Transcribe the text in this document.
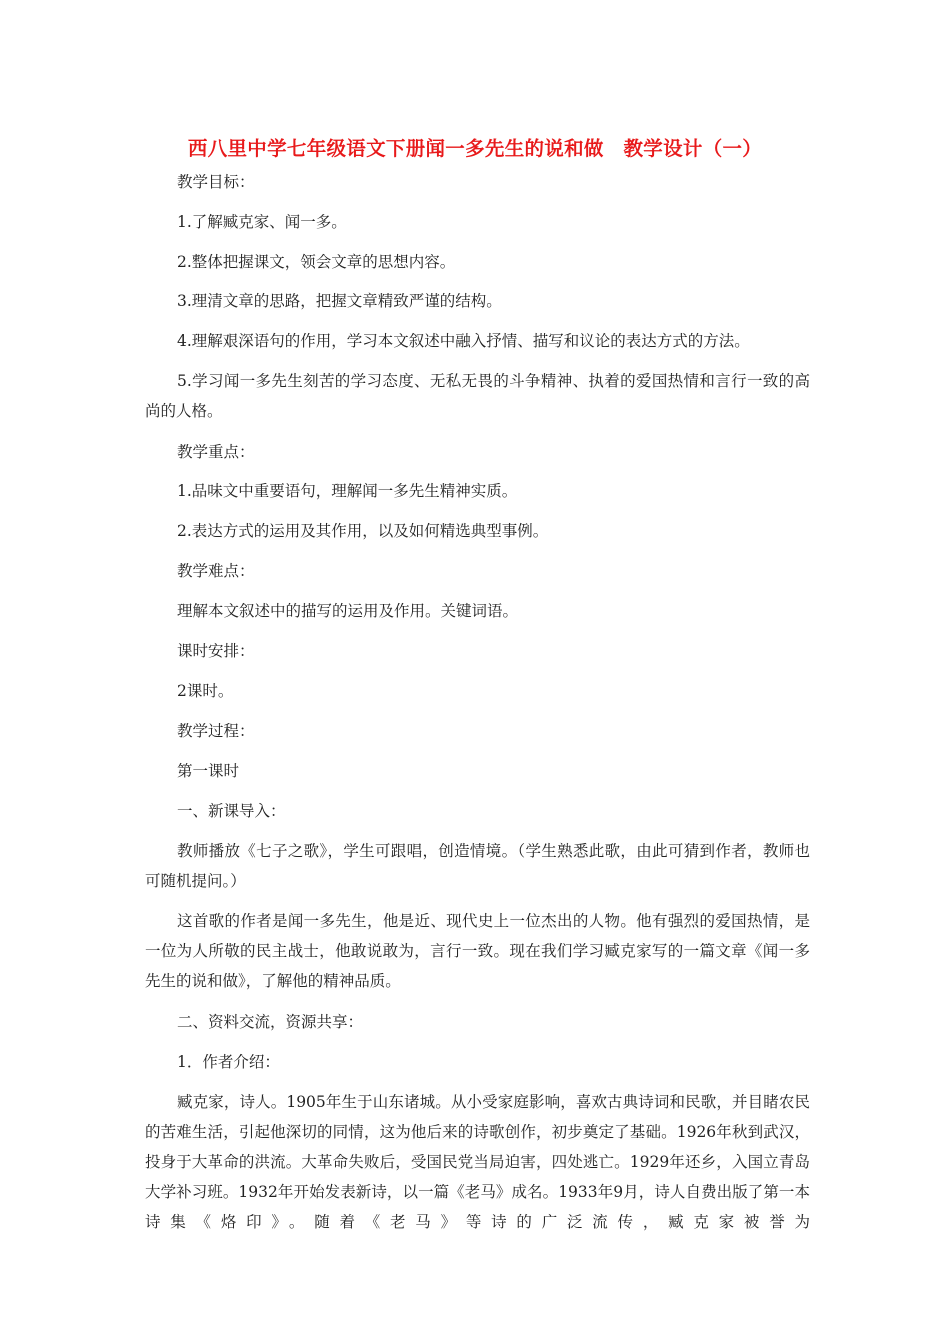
西八里中学七年级语文下册闻一多先生的说和做　教学设计（一）
教学目标：
1.了解臧克家、闻一多。
2.整体把握课文，领会文章的思想内容。
3.理清文章的思路，把握文章精致严谨的结构。
4.理解艰深语句的作用，学习本文叙述中融入抒情、描写和议论的表达方式的方法。
5.学习闻一多先生刻苦的学习态度、无私无畏的斗争精神、执着的爱国热情和言行一致的高尚的人格。
教学重点：
1.品味文中重要语句，理解闻一多先生精神实质。
2.表达方式的运用及其作用，以及如何精选典型事例。
教学难点：
理解本文叙述中的描写的运用及作用。关键词语。
课时安排：
2课时。
教学过程：
第一课时
一、新课导入：
教师播放《七子之歌》，学生可跟唱，创造情境。（学生熟悉此歌，由此可猜到作者，教师也可随机提问。）
这首歌的作者是闻一多先生，他是近、现代史上一位杰出的人物。他有强烈的爱国热情，是一位为人所敬的民主战士，他敢说敢为，言行一致。现在我们学习臧克家写的一篇文章《闻一多先生的说和做》，了解他的精神品质。
二、资料交流，资源共享：
1．作者介绍：
臧克家，诗人。1905年生于山东诸城。从小受家庭影响，喜欢古典诗词和民歌，并目睹农民的苦难生活，引起他深切的同情，这为他后来的诗歌创作，初步奠定了基础。1926年秋到武汉，投身于大革命的洪流。大革命失败后，受国民党当局迫害，四处逃亡。1929年还乡，入国立青岛大学补习班。1932年开始发表新诗，以一篇《老马》成名。1933年9月，诗人自费出版了第一本诗集《烙印》。随着《老马》等诗的广泛流传，臧克家被誉为
